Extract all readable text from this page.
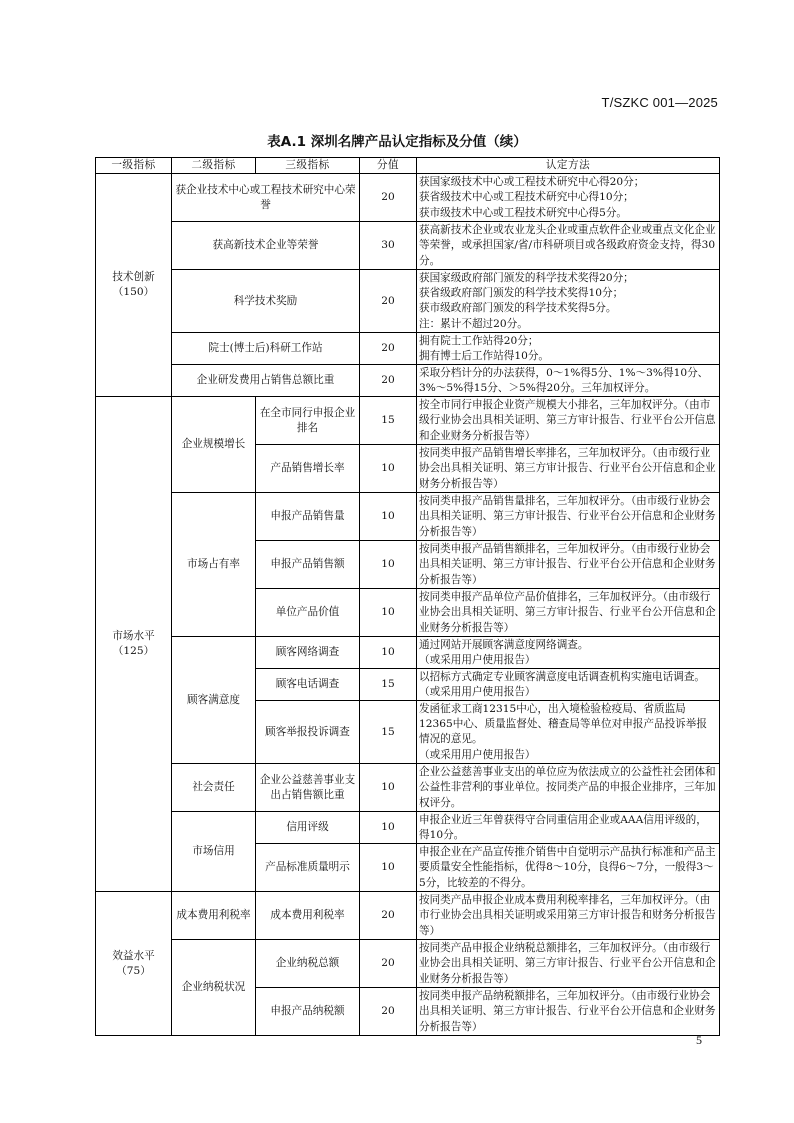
T/SZKC 001—2025
表A.1 深圳名牌产品认定指标及分值（续）
一级指标	二级指标	三级指标	分值	认定方法

技术创新
（150）	获企业技术中心或工程技术研究中心荣誉		20	获国家级技术中心或工程技术研究中心得20分；
获省级技术中心或工程技术研究中心得10分；
获市级技术中心或工程技术研究中心得5分。

	获高新技术企业等荣誉		30	获高新技术企业或农业龙头企业或重点软件企业或重点文化企业等荣誉，或承担国家/省/市科研项目或各级政府资金支持，得30分。

	科学技术奖励		20	获国家级政府部门颁发的科学技术奖得20分；
获省级政府部门颁发的科学技术奖得10分；
获市级政府部门颁发的科学技术奖得5分。
注：累计不超过20分。

	院士(博士后)科研工作站		20	拥有院士工作站得20分；
拥有博士后工作站得10分。

	企业研发费用占销售总额比重		20	采取分档计分的办法获得，0～1%得5分、1%～3%得10分、3%～5%得15分、＞5%得20分。三年加权评分。

市场水平
（125）	企业规模增长	在全市同行申报企业排名	15	按全市同行申报企业资产规模大小排名，三年加权评分。（由市级行业协会出具相关证明、第三方审计报告、行业平台公开信息和企业财务分析报告等）

		产品销售增长率	10	按同类申报产品销售增长率排名，三年加权评分。（由市级行业协会出具相关证明、第三方审计报告、行业平台公开信息和企业财务分析报告等）

	市场占有率	申报产品销售量	10	按同类申报产品销售量排名，三年加权评分。（由市级行业协会出具相关证明、第三方审计报告、行业平台公开信息和企业财务分析报告等）

		申报产品销售额	10	按同类申报产品销售额排名，三年加权评分。（由市级行业协会出具相关证明、第三方审计报告、行业平台公开信息和企业财务分析报告等）

		单位产品价值	10	按同类申报产品单位产品价值排名，三年加权评分。（由市级行业协会出具相关证明、第三方审计报告、行业平台公开信息和企业财务分析报告等）

	顾客满意度	顾客网络调查	10	通过网站开展顾客满意度网络调查。
（或采用用户使用报告）

		顾客电话调查	15	以招标方式确定专业顾客满意度电话调查机构实施电话调查。（或采用用户使用报告）

		顾客举报投诉调查	15	发函征求工商12315中心，出入境检验检疫局、省质监局12365中心、质量监督处、稽查局等单位对申报产品投诉举报情况的意见。
（或采用用户使用报告）

	社会责任	企业公益慈善事业支出占销售额比重	10	企业公益慈善事业支出的单位应为依法成立的公益性社会团体和公益性非营利的事业单位。按同类产品的申报企业排序，三年加权评分。

	市场信用	信用评级	10	申报企业近三年曾获得守合同重信用企业或AAA信用评级的，得10分。

		产品标准质量明示	10	申报企业在产品宣传推介销售中自觉明示产品执行标准和产品主要质量安全性能指标，优得8～10分，良得6～7分，一般得3～5分，比较差的不得分。

效益水平
（75）	成本费用利税率	成本费用利税率	20	按同类产品申报企业成本费用利税率排名，三年加权评分。（由市行业协会出具相关证明或采用第三方审计报告和财务分析报告等）

	企业纳税状况	企业纳税总额	20	按同类产品申报企业纳税总额排名，三年加权评分。（由市级行业协会出具相关证明、第三方审计报告、行业平台公开信息和企业财务分析报告等）

		申报产品纳税额	20	按同类申报产品纳税额排名，三年加权评分。（由市级行业协会出具相关证明、第三方审计报告、行业平台公开信息和企业财务分析报告等）
5
